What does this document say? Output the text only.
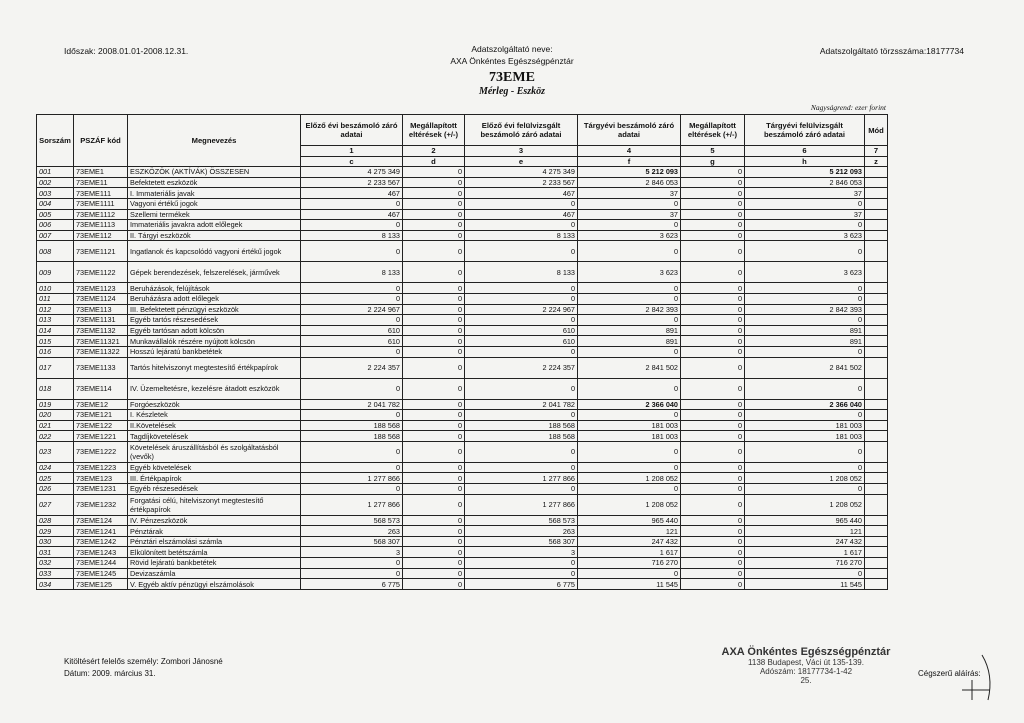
Időszak: 2008.01.01-2008.12.31.	Adatszolgáltató neve:
AXA Önkéntes Egészségpénztár
Adatszolgáltató törzsszáma:18177734
73EME
Mérleg - Eszköz
Nagyságrend: ezer forint
Sorszám	PSZÁF kód	Megnevezés	Előző évi beszámoló záró adatai	Megállapított eltérések (+/-)	Előző évi felülvizsgált beszámoló záró adatai	Tárgyévi beszámoló záró adatai	Megállapított eltérések (+/-)	Tárgyévi felülvizsgált beszámoló záró adatai	Mód
			1	2	3	4	5	6	7
			c	d	e	f	g	h	z
001	73EME1	ESZKÖZÖK (AKTÍVÁK) ÖSSZESEN	4 275 349	0	4 275 349	5 212 093	0	5 212 093	
002	73EME11	Befektetett eszközök	2 233 567	0	2 233 567	2 846 053	0	2 846 053	
003	73EME111	I. Immateriális javak	467	0	467	37	0	37	
004	73EME1111	Vagyoni értékű jogok	0	0	0	0	0	0	
005	73EME1112	Szellemi termékek	467	0	467	37	0	37	
006	73EME1113	Immateriális javakra adott előlegek	0	0	0	0	0	0	
007	73EME112	II. Tárgyi eszközök	8 133	0	8 133	3 623	0	3 623	
008	73EME1121	Ingatlanok és kapcsolódó vagyoni értékű jogok	0	0	0	0	0	0	
009	73EME1122	Gépek berendezések, felszerelések, járművek	8 133	0	8 133	3 623	0	3 623	
010	73EME1123	Beruházások, felújítások	0	0	0	0	0	0	
011	73EME1124	Beruházásra adott előlegek	0	0	0	0	0	0	
012	73EME113	III. Befektetett pénzügyi eszközök	2 224 967	0	2 224 967	2 842 393	0	2 842 393	
013	73EME1131	Egyéb tartós részesedések	0	0	0	0	0	0	
014	73EME1132	Egyéb tartósan adott kölcsön	610	0	610	891	0	891	
015	73EME11321	Munkavállalók részére nyújtott kölcsön	610	0	610	891	0	891	
016	73EME11322	Hosszú lejáratú bankbetétek	0	0	0	0	0	0	
017	73EME1133	Tartós hitelviszonyt megtestesítő értékpapírok	2 224 357	0	2 224 357	2 841 502	0	2 841 502	
018	73EME114	IV. Üzemeltetésre, kezelésre átadott eszközök	0	0	0	0	0	0	
019	73EME12	Forgóeszközök	2 041 782	0	2 041 782	2 366 040	0	2 366 040	
020	73EME121	I. Készletek	0	0	0	0	0	0	
021	73EME122	II.Követelések	188 568	0	188 568	181 003	0	181 003	
022	73EME1221	Tagdíjkövetelések	188 568	0	188 568	181 003	0	181 003	
023	73EME1222	Követelések áruszállításból és szolgáltatásból (vevők)	0	0	0	0	0	0	
024	73EME1223	Egyéb követelések	0	0	0	0	0	0	
025	73EME123	III. Értékpapírok	1 277 866	0	1 277 866	1 208 052	0	1 208 052	
026	73EME1231	Egyéb részesedések	0	0	0	0	0	0	
027	73EME1232	Forgatási célú, hitelviszonyt megtestesítő értékpapírok	1 277 866	0	1 277 866	1 208 052	0	1 208 052	
028	73EME124	IV. Pénzeszközök	568 573	0	568 573	965 440	0	965 440	
029	73EME1241	Pénztárak	263	0	263	121	0	121	
030	73EME1242	Pénztári elszámolási számla	568 307	0	568 307	247 432	0	247 432	
031	73EME1243	Elkülönített betétszámla	3	0	3	1 617	0	1 617	
032	73EME1244	Rövid lejáratú bankbetétek	0	0	0	716 270	0	716 270	
033	73EME1245	Devizaszámla	0	0	0	0	0	0	
034	73EME125	V. Egyéb aktív pénzügyi elszámolások	6 775	0	6 775	11 545	0	11 545	
Kitöltésért felelős személy: Zombori Jánosné
Dátum: 2009. március 31.
AXA Önkéntes Egészségpénztár
1138 Budapest, Váci út 135-139.
Adószám: 18177734-1-42
25.
Cégszerű aláírás:
